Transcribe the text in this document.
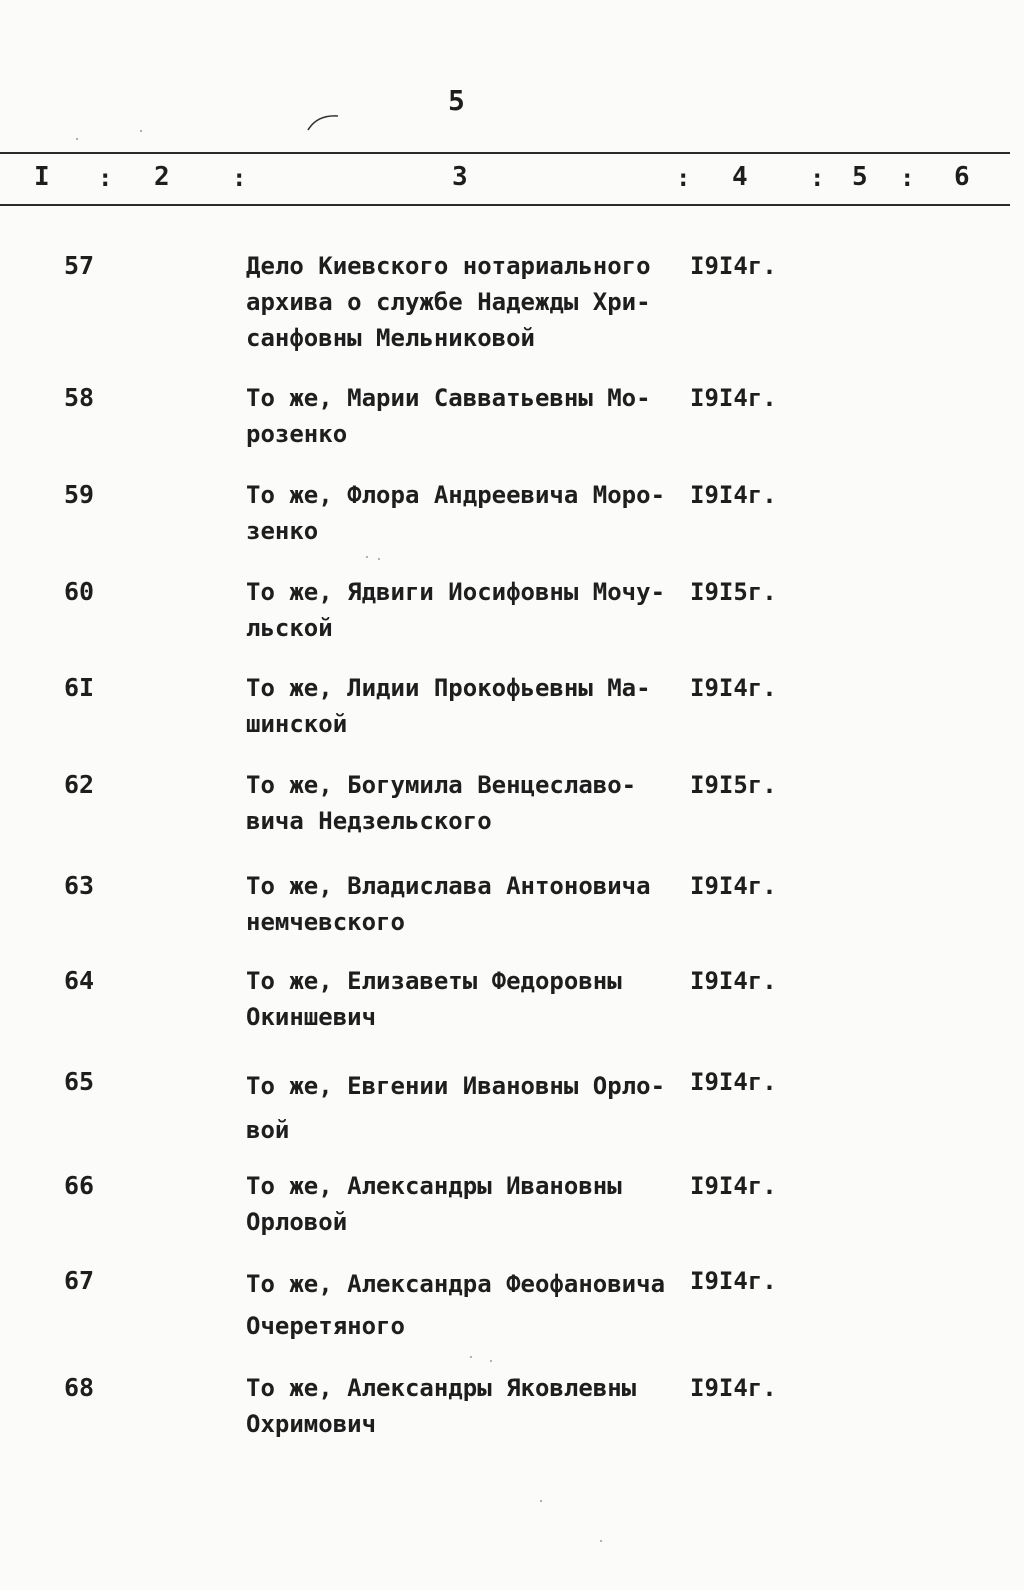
5
I : 2	:	3	: 4	: 5 : 6
57	Дело Киевского нотариального
архива о службе Надежды Хри-
санфовны Мельниковой
I9I4г.
58	То же, Марии Савватьевны Мо-
розенко
I9I4г.
59	То же, Флора Андреевича Моро-
зенко
I9I4г.
60	То же, Ядвиги Иосифовны Мочу-
льской
I9I5г.
6I	То же, Лидии Прокофьевны Ма-
шинской
I9I4г.
62	То же, Богумила Венцеславо-
вича Недзельского
I9I5г.
63	То же, Владислава Антоновича
немчевского
I9I4г.
64	То же, Елизаветы Федоровны
Окиншевич
I9I4г.
65	То же, Евгении Ивановны Орло-
вой
I9I4г.
66	То же, Александры Ивановны
Орловой
I9I4г.
67	То же, Александра Феофановича
Очеретяного
I9I4г.
68	То же, Александры Яковлевны
Охримович
I9I4г.
